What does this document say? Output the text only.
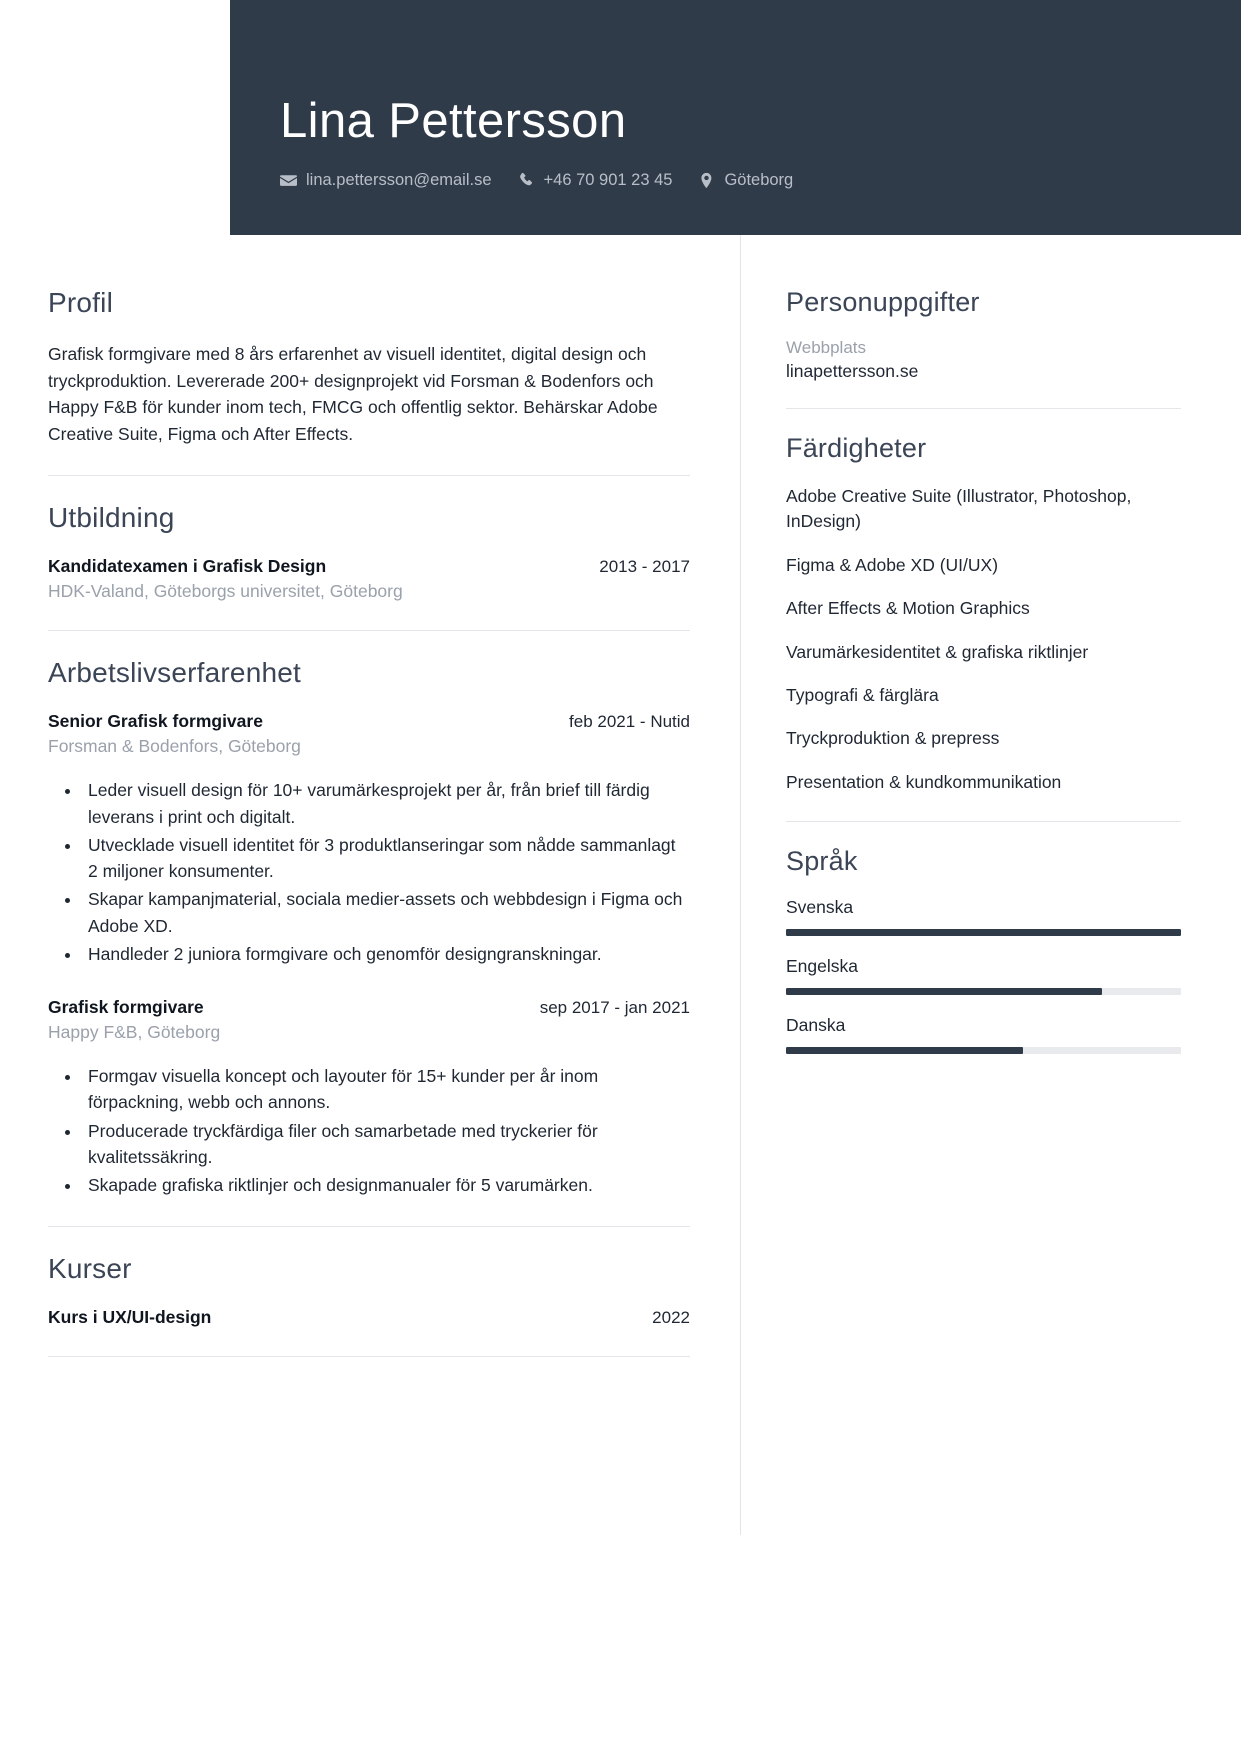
Lina Pettersson
lina.pettersson@email.se	+46 70 901 23 45	Göteborg
Profil

Grafisk formgivare med 8 års erfarenhet av visuell identitet, digital design och tryckproduktion. Levererade 200+ designprojekt vid Forsman & Bodenfors och Happy F&B för kunder inom tech, FMCG och offentlig sektor. Behärskar Adobe Creative Suite, Figma och After Effects.

Utbildning
Kandidatexamen i Grafisk Design	2013 - 2017
HDK-Valand, Göteborgs universitet, Göteborg
Arbetslivserfarenhet
Senior Grafisk formgivare	feb 2021 - Nutid
Forsman & Bodenfors, Göteborg
• Leder visuell design för 10+ varumärkesprojekt per år, från brief till färdig leverans i print och digitalt.
• Utvecklade visuell identitet för 3 produktlanseringar som nådde sammanlagt 2 miljoner konsumenter.
• Skapar kampanjmaterial, sociala medier-assets och webbdesign i Figma och Adobe XD.
• Handleder 2 juniora formgivare och genomför designgranskningar.
Grafisk formgivare	sep 2017 - jan 2021
Happy F&B, Göteborg
• Formgav visuella koncept och layouter för 15+ kunder per år inom förpackning, webb och annons.
• Producerade tryckfärdiga filer och samarbetade med tryckerier för kvalitetssäkring.
• Skapade grafiska riktlinjer och designmanualer för 5 varumärken.
Kurser
Kurs i UX/UI-design	2022
Personuppgifter
Webbplats
linapettersson.se
Färdigheter
Adobe Creative Suite (Illustrator, Photoshop, InDesign)
Figma & Adobe XD (UI/UX)
After Effects & Motion Graphics
Varumärkesidentitet & grafiska riktlinjer
Typografi & färglära
Tryckproduktion & prepress
Presentation & kundkommunikation
Språk
Svenska
Engelska
Danska
